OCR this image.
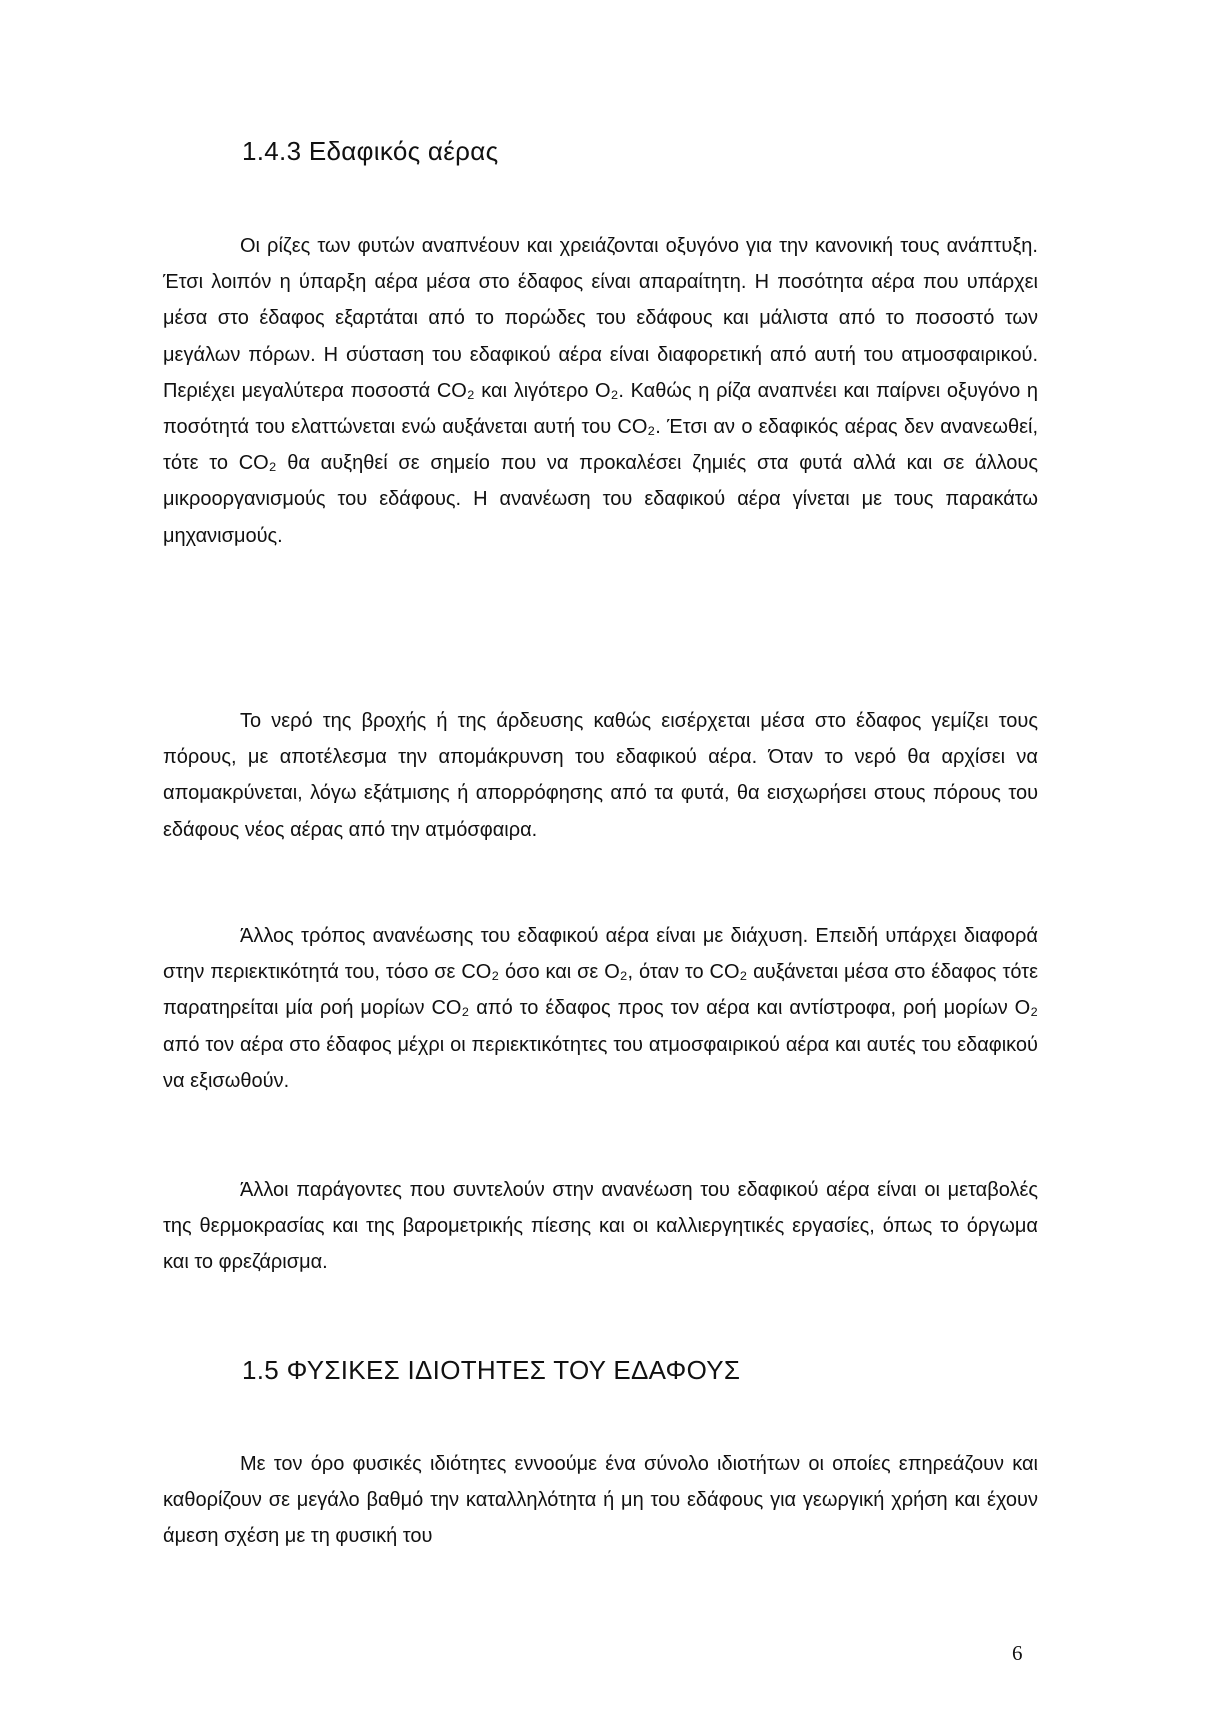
1.4.3 Εδαφικός αέρας

Οι ρίζες των φυτών αναπνέουν και χρειάζονται οξυγόνο για την κανονική τους ανάπτυξη. Έτσι λοιπόν η ύπαρξη αέρα μέσα στο έδαφος είναι απαραίτητη. Η ποσότητα αέρα που υπάρχει μέσα στο έδαφος εξαρτάται από το πορώδες του εδάφους και μάλιστα από το ποσοστό των μεγάλων πόρων. Η σύσταση του εδαφικού αέρα είναι διαφορετική από αυτή του ατμοσφαιρικού. Περιέχει μεγαλύτερα ποσοστά CO₂ και λιγότερο O₂. Καθώς η ρίζα αναπνέει και παίρνει οξυγόνο η ποσότητά του ελαττώνεται ενώ αυξάνεται αυτή του CO₂. Έτσι αν ο εδαφικός αέρας δεν ανανεωθεί, τότε το CO₂ θα αυξηθεί σε σημείο που να προκαλέσει ζημιές στα φυτά αλλά και σε άλλους μικροοργανισμούς του εδάφους. Η ανανέωση του εδαφικού αέρα γίνεται με τους παρακάτω μηχανισμούς.

Το νερό της βροχής ή της άρδευσης καθώς εισέρχεται μέσα στο έδαφος γεμίζει τους πόρους, με αποτέλεσμα την απομάκρυνση του εδαφικού αέρα. Όταν το νερό θα αρχίσει να απομακρύνεται, λόγω εξάτμισης ή απορρόφησης από τα φυτά, θα εισχωρήσει στους πόρους του εδάφους νέος αέρας από την ατμόσφαιρα.

Άλλος τρόπος ανανέωσης του εδαφικού αέρα είναι με διάχυση. Επειδή υπάρχει διαφορά στην περιεκτικότητά του, τόσο σε CO₂ όσο και σε O₂, όταν το CO₂ αυξάνεται μέσα στο έδαφος τότε παρατηρείται μία ροή μορίων CO₂ από το έδαφος προς τον αέρα και αντίστροφα, ροή μορίων O₂ από τον αέρα στο έδαφος μέχρι οι περιεκτικότητες του ατμοσφαιρικού αέρα και αυτές του εδαφικού να εξισωθούν.

Άλλοι παράγοντες που συντελούν στην ανανέωση του εδαφικού αέρα είναι οι μεταβολές της θερμοκρασίας και της βαρομετρικής πίεσης και οι καλλιεργητικές εργασίες, όπως το όργωμα και το φρεζάρισμα.

1.5 ΦΥΣΙΚΕΣ ΙΔΙΟΤΗΤΕΣ ΤΟΥ ΕΔΑΦΟΥΣ

Με τον όρο φυσικές ιδιότητες εννοούμε ένα σύνολο ιδιοτήτων οι οποίες επηρεάζουν και καθορίζουν σε μεγάλο βαθμό την καταλληλότητα ή μη του εδάφους για γεωργική χρήση και έχουν άμεση σχέση με τη φυσική του

6
